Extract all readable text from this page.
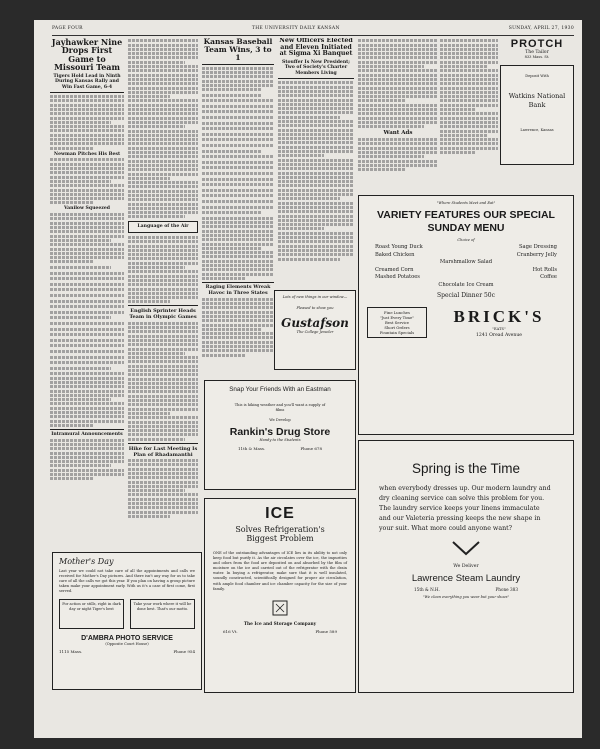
PAGE FOUR	THE UNIVERSITY DAILY KANSAN	SUNDAY, APRIL 27, 1930
Jayhawker Nine Drops First Game to Missouri Team
Tigers Hold Lead in Ninth During Kansas Rally and Win Fast Game, 6-4
Newman Pitches His Best
Vanilow Squeezed

Intramural Announcements
Language of the Air
English Sprinter Heads Team in Olympic Games
Hike for Last Meeting Is Plan of Rhadamanthi
Mother's Day
Last year we could not take care of all the appointments and calls we received for Mother's Day pictures. And there isn't any way for us to take care of all the calls we got this year. If you plan on having a group picture taken make your appointment early. With us it's a case of first come, first served.
For action or stills, right in dark day or night Tiger's best
Take your work where it will be done best. That's our motto.
D'AMBRA PHOTO SERVICE
(Opposite Court House)
1115 Mass.	Phone 954
Kansas Baseball Team Wins, 3 to 1

Raging Elements Wreak Havoc in Three States
New Officers Elected and Eleven Initiated at Sigma Xi Banquet
Stouffer Is New President; Two of Society's Charter Members Living
Lots of new things in our window—
Pleased to show you
Gustafson
The College Jeweler
Want Ads
PROTCH
The Tailor
833 Mass. St.
Deposit With
Watkins National Bank
Lawrence, Kansas
"Where Students Meet and Eat"
VARIETY FEATURES OUR SPECIAL SUNDAY MENU
Choice of
Roast Young Duck	Sage Dressing
Baked Chicken	Cranberry Jelly
Marshmallow Salad
Creamed Corn	Hot Rolls
Mashed Potatoes	Coffee
Chocolate Ice Cream
Special Dinner 50c
Fine Lunches
"Just Every Time"
Best Service
Short Orders
Fountain Specials
BRICK'S
"EATS"
1241 Oread Avenue
Snap Your Friends With an Eastman
This is hiking weather and you'll want a supply of films
We Develop
Rankin's Drug Store
Handy to the Students
11th & Mass.	Phone 678
ICE
Solves Refrigeration's Biggest Problem
ONE of the outstanding advantages of ICE lies in its ability to not only keep food but purify it. As the air circulates over the ice, the impurities and odors from the food are deposited on and absorbed by the film of moisture on the ice and carried out of the refrigerator with the drain water. In buying a refrigerator, make sure that it is well insulated, soundly constructed, scientifically designed for proper air circulation, with ample food chamber and ice chamber capacity for the size of your family.
The Ice and Storage Company
616 Vt.	Phone 589
Spring is the Time
when everybody dresses up. Our modern laundry and dry cleaning service can solve this problem for you. The laundry service keeps your linens immaculate and our Valeteria pressing keeps the new shape in your suit. What more could anyone want?
We Deliver
Lawrence Steam Laundry
15th & N.H.	Phone 383
"We clean everything you wear but your shoes"
